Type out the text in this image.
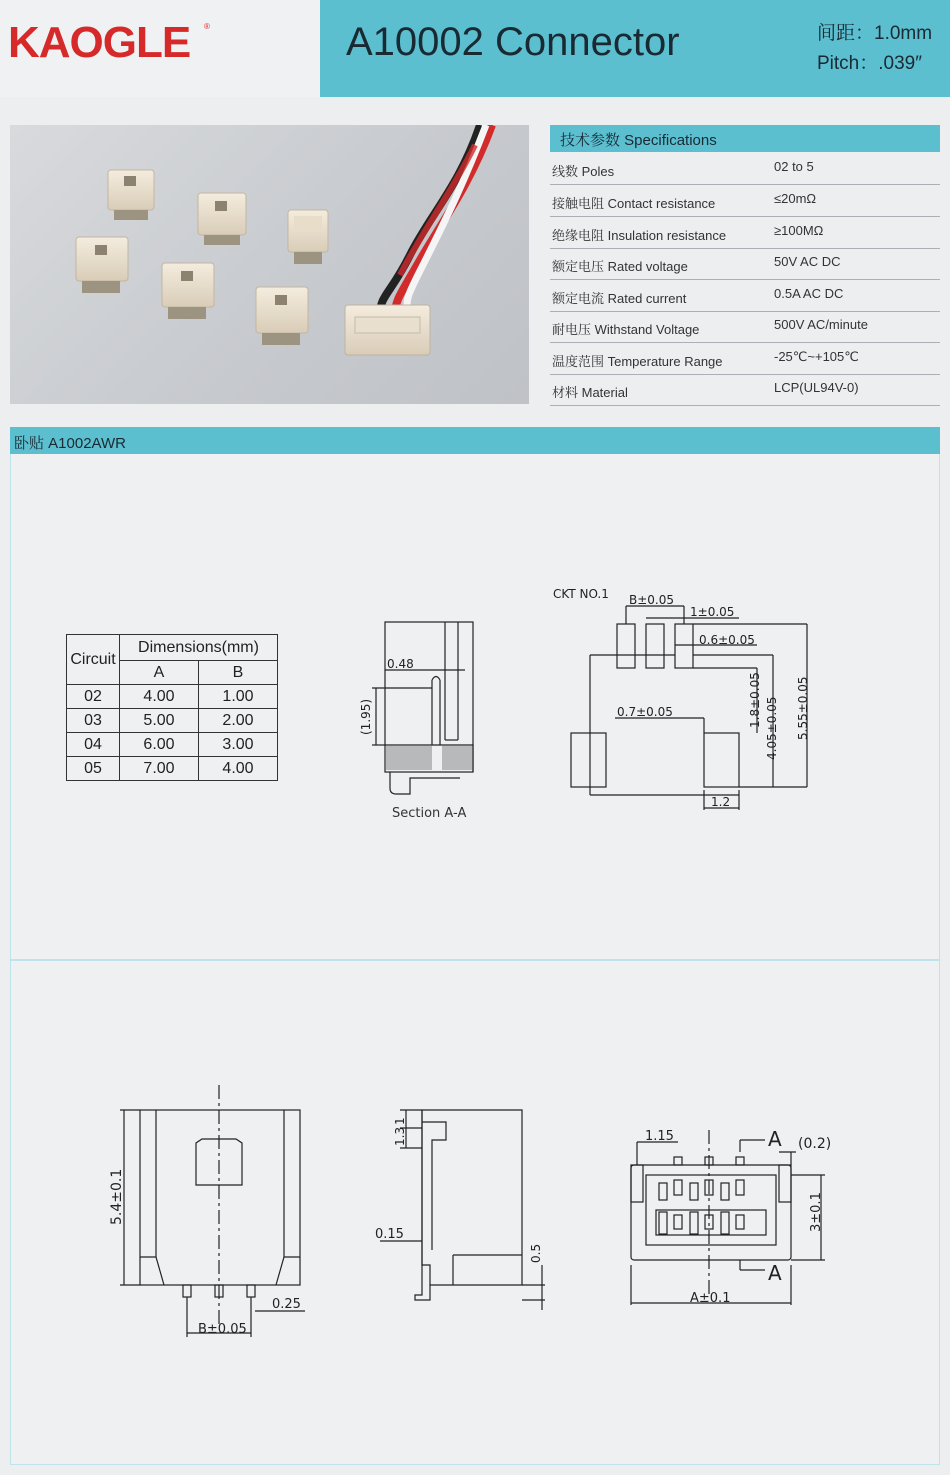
KAOGLE ®	A10002 Connector	间距：1.0mm
Pitch：.039″
技术参数 Specifications
线数 Poles	02 to 5
接触电阻 Contact resistance	≤20mΩ
绝缘电阻 Insulation resistance	≥100MΩ
额定电压 Rated voltage	50V AC DC
额定电流 Rated current	0.5A AC DC
耐电压 Withstand Voltage	500V AC/minute
温度范围 Temperature Range	-25℃~+105℃
材料 Material	LCP(UL94V-0)
卧贴 A1002AWR
Circuit	Dimensions(mm)	
	A	B
02	4.00	1.00
03	5.00	2.00
04	6.00	3.00
05	7.00	4.00
0.48
(1.95)
Section A-A
CKT NO.1 B±0.05
1±0.05
0.6±0.05
0.7±0.05	1.8±0.05 4.05±0.05 5.55±0.05
1.2
5.4±0.1
0.25
B±0.05
1
1.3
0.15
0.5
1.15	A (0.2)
3±0.1
A
A±0.1
